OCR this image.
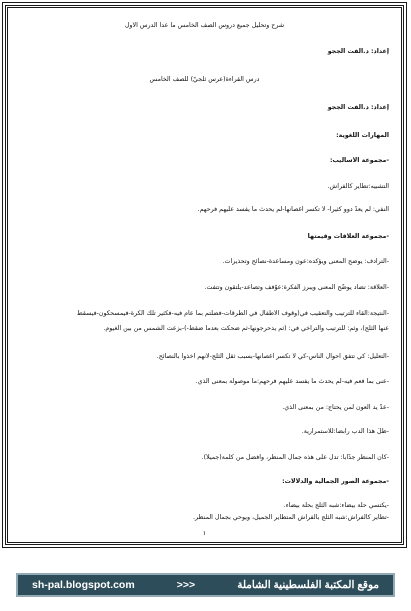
شرح وتحليل جميع دروس الصف الخامس ما عدا الدرس الأول
إعداد: د.ألفت الججو
درس القراءة(عرس ثلجيّ) للصف الخامس
إعداد: د.ألفت الججو
المهارات اللغوية:
-مجموعة الأساليب:
التشبيه:تطاير كالفراش.
النفي: لم يعدْ دوو كثيراً- لا تكسر أغصانها-لم يحدث ما يفسد عليهم فرحهم.
-مجموعة العلاقات وقيمتها
-الترادف: يوضح المعنى ويؤكده:عون ومساعدة-نصائح وتحذيرات.
-العلاقة: تضاد يوضّح المعنى ويبرز الفكرة:عوّفف وتصاعد-يلتقون وتتفت.
-النتيجة:ألقاء للترتيب والتعقيب في(وقوف الأطفال في الطرقات-فضلتم بما عام فيه-فكثير تلك الكرة-فيمسحكون-فيسقط
عنها الثلج)، وثم: للترتيب والتراخي في: (ثم يدحرجونها-ثم ضحكت بعدما ضقط-)-بزعت الشمس من بين الغيوم.
-التعليل: كي تتفق أحوال الناس-كي لا تكسر أغصانها-بسبب ثقل الثلج-لأنهم أخذوا بالنصائح.
-عنى بما فعم فيه-لم يحدث ما يفسد عليهم فرحهم:ما موصولة بمعنى الذي.
-عدَّ يد العون لمن يحتاج: من بمعنى الذي.
-ظلّ هذا الدب رابضاً:للاستمرارية.
-كان المنظر جذّاباً: تدل على هذه جمال المنظر، وأفضل من كلمة(جميلاً).
-مجموعة الصور الجمالية والدلالات:
-يكتسي حلة بيضاء:شبه الثلج بحلة بيضاء.
-تطاير كالفراش:شبه الثلج بالفراش المتطاير الجميل، ويوحي بجمال المنظر.
١
sh-pal.blogspot.com	>>>	موقع المكتبة الفلسطينية الشاملة
